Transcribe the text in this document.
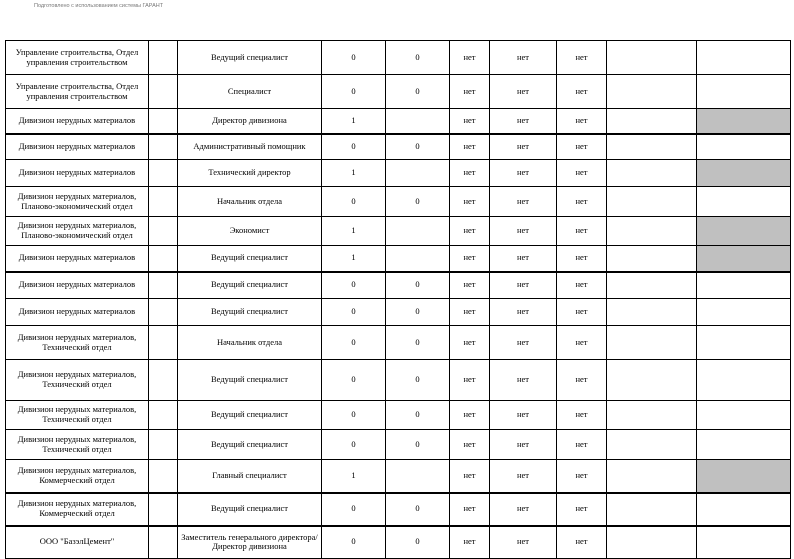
Подготовлено с использованием системы ГАРАНТ
Управление строительства, Отдел управления строительством		Ведущий специалист	0	0	нет	нет	нет		
Управление строительства, Отдел управления строительством		Специалист	0	0	нет	нет	нет		
Дивизион нерудных материалов		Директор дивизиона	1		нет	нет	нет		
Дивизион нерудных материалов		Административный помощник	0	0	нет	нет	нет		
Дивизион нерудных материалов		Технический директор	1		нет	нет	нет		
Дивизион нерудных материалов, Планово-экономический отдел		Начальник отдела	0	0	нет	нет	нет		
Дивизион нерудных материалов, Планово-экономический отдел		Экономист	1		нет	нет	нет		
Дивизион нерудных материалов		Ведущий специалист	1		нет	нет	нет		
Дивизион нерудных материалов		Ведущий специалист	0	0	нет	нет	нет		
Дивизион нерудных материалов		Ведущий специалист	0	0	нет	нет	нет		
Дивизион нерудных материалов, Технический отдел		Начальник отдела	0	0	нет	нет	нет		
Дивизион нерудных материалов, Технический отдел		Ведущий специалист	0	0	нет	нет	нет		
Дивизион нерудных материалов, Технический отдел		Ведущий специалист	0	0	нет	нет	нет		
Дивизион нерудных материалов, Технический отдел		Ведущий специалист	0	0	нет	нет	нет		
Дивизион нерудных материалов, Коммерческий отдел		Главный специалист	1		нет	нет	нет		
Дивизион нерудных материалов, Коммерческий отдел		Ведущий специалист	0	0	нет	нет	нет		
ООО "БазэлЦемент"		Заместитель генерального директора/Директор дивизиона	0	0	нет	нет	нет		
